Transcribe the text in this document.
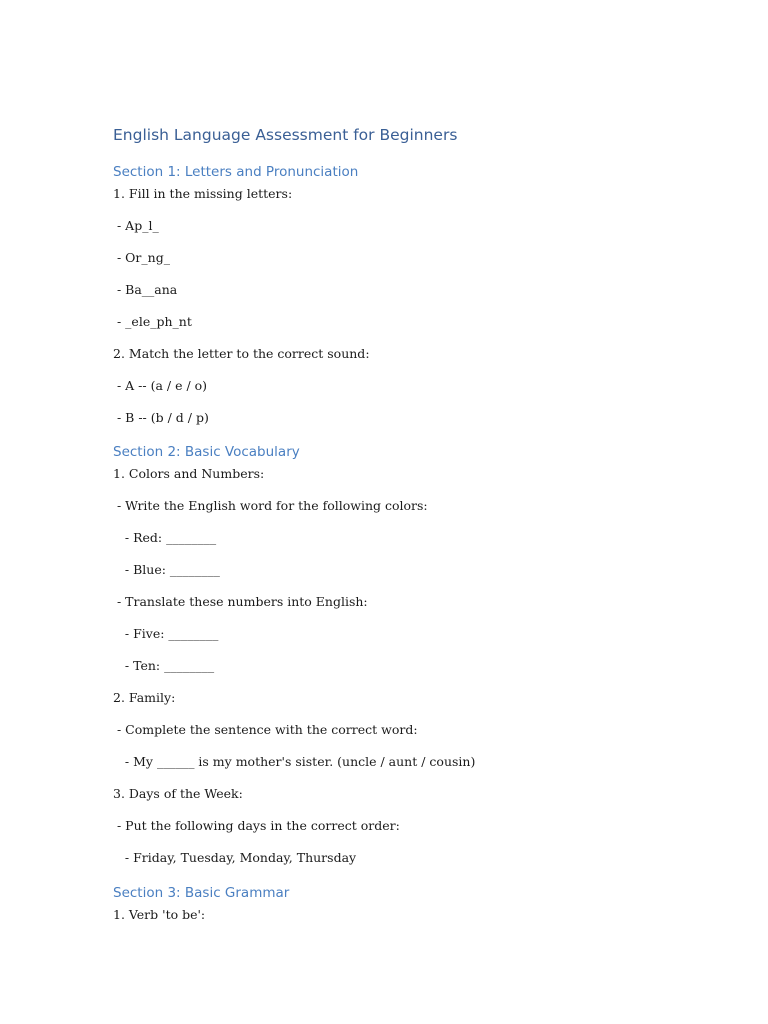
English Language Assessment for Beginners
Section 1: Letters and Pronunciation

1. Fill in the missing letters:

- Ap_l_

- Or_ng_

- Ba__ana

- _ele_ph_nt

2. Match the letter to the correct sound:

- A -- (a / e / o)

- B -- (b / d / p)

Section 2: Basic Vocabulary

1. Colors and Numbers:

- Write the English word for the following colors:

- Red: ________

- Blue: ________

- Translate these numbers into English:

- Five: ________

- Ten: ________

2. Family:

- Complete the sentence with the correct word:

- My ______ is my mother's sister. (uncle / aunt / cousin)

3. Days of the Week:

- Put the following days in the correct order:

- Friday, Tuesday, Monday, Thursday

Section 3: Basic Grammar

1. Verb 'to be':
